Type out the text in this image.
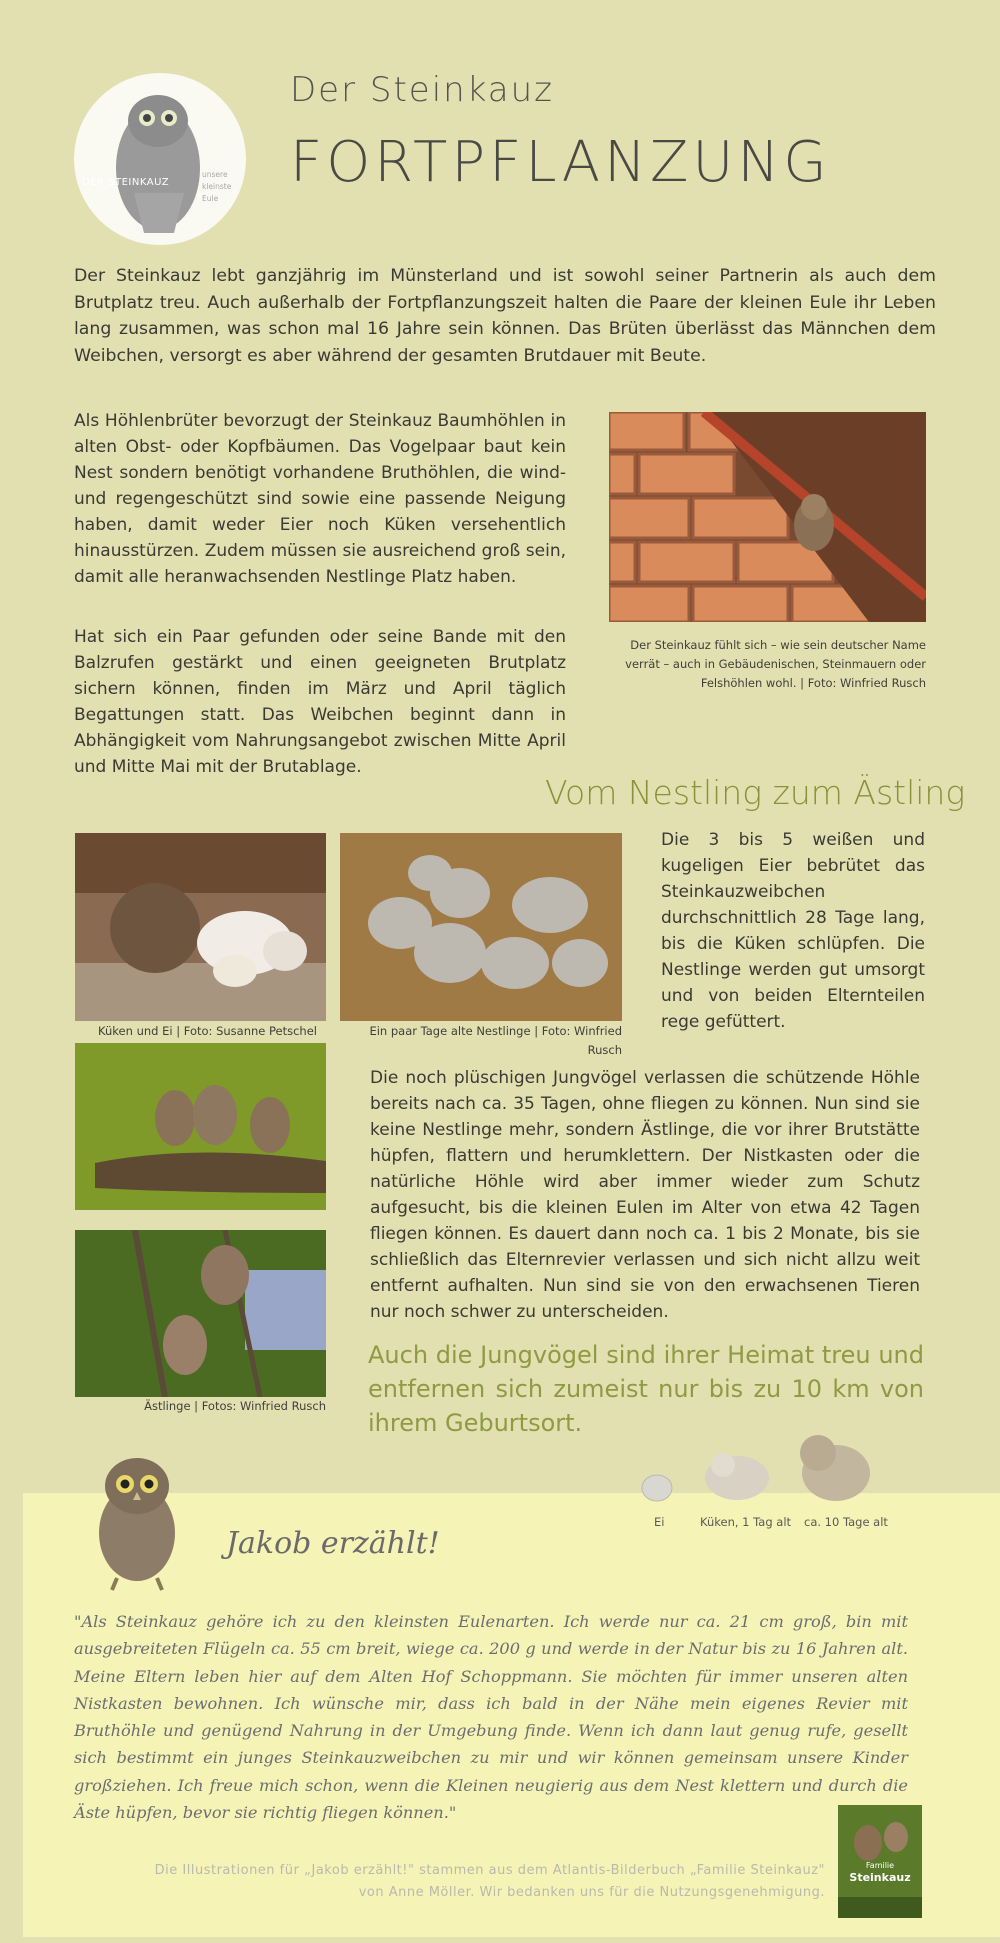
DER STEINKAUZ
unsere kleinste Eule
Der Steinkauz
FORTPFLANZUNG
Der Steinkauz lebt ganzjährig im Münsterland und ist sowohl seiner Partnerin als auch dem Brutplatz treu. Auch außerhalb der Fortpflanzungszeit halten die Paare der kleinen Eule ihr Leben lang zusammen, was schon mal 16 Jahre sein können. Das Brüten überlässt das Männchen dem Weibchen, versorgt es aber während der gesamten Brutdauer mit Beute.
Als Höhlenbrüter bevorzugt der Steinkauz Baumhöhlen in alten Obst- oder Kopfbäumen. Das Vogelpaar baut kein Nest sondern benötigt vorhandene Bruthöhlen, die wind- und regengeschützt sind sowie eine passende Neigung haben, damit weder Eier noch Küken versehentlich hinausstürzen. Zudem müssen sie ausreichend groß sein, damit alle heranwachsenden Nestlinge Platz haben.
Hat sich ein Paar gefunden oder seine Bande mit den Balzrufen gestärkt und einen geeigneten Brutplatz sichern können, finden im März und April täglich Begattungen statt. Das Weibchen beginnt dann in Abhängigkeit vom Nahrungsangebot zwischen Mitte April und Mitte Mai mit der Brutablage.
Der Steinkauz fühlt sich – wie sein deutscher Name verrät – auch in Gebäudenischen, Steinmauern oder Felshöhlen wohl. | Foto: Winfried Rusch
Vom Nestling zum Ästling
Küken und Ei | Foto: Susanne Petschel	Ein paar Tage alte Nestlinge | Foto: Winfried Rusch
Die 3 bis 5 weißen und kugeligen Eier bebrütet das Steinkauzweibchen durchschnittlich 28 Tage lang, bis die Küken schlüpfen. Die Nestlinge werden gut umsorgt und von beiden Elternteilen rege gefüttert.
Ästlinge | Fotos: Winfried Rusch
Die noch plüschigen Jungvögel verlassen die schützende Höhle bereits nach ca. 35 Tagen, ohne fliegen zu können. Nun sind sie keine Nestlinge mehr, sondern Ästlinge, die vor ihrer Brutstätte hüpfen, flattern und herumklettern. Der Nistkasten oder die natürliche Höhle wird aber immer wieder zum Schutz aufgesucht, bis die kleinen Eulen im Alter von etwa 42 Tagen fliegen können. Es dauert dann noch ca. 1 bis 2 Monate, bis sie schließlich das Elternrevier verlassen und sich nicht allzu weit entfernt aufhalten. Nun sind sie von den erwachsenen Tieren nur noch schwer zu unterscheiden.
Auch die Jungvögel sind ihrer Heimat treu und entfernen sich zumeist nur bis zu 10 km von ihrem Geburtsort.
Jakob erzählt!
Ei	Küken, 1 Tag alt ca. 10 Tage alt
"Als Steinkauz gehöre ich zu den kleinsten Eulenarten. Ich werde nur ca. 21 cm groß, bin mit ausgebreiteten Flügeln ca. 55 cm breit, wiege ca. 200 g und werde in der Natur bis zu 16 Jahren alt. Meine Eltern leben hier auf dem Alten Hof Schoppmann. Sie möchten für immer unseren alten Nistkasten bewohnen. Ich wünsche mir, dass ich bald in der Nähe mein eigenes Revier mit Bruthöhle und genügend Nahrung in der Umgebung finde. Wenn ich dann laut genug rufe, gesellt sich bestimmt ein junges Steinkauzweibchen zu mir und wir können gemeinsam unsere Kinder großziehen. Ich freue mich schon, wenn die Kleinen neugierig aus dem Nest klettern und durch die Äste hüpfen, bevor sie richtig fliegen können."
Die Illustrationen für „Jakob erzählt!" stammen aus dem Atlantis-Bilderbuch „Familie Steinkauz" von Anne Möller. Wir bedanken uns für die Nutzungsgenehmigung.
Familie
Steinkauz
